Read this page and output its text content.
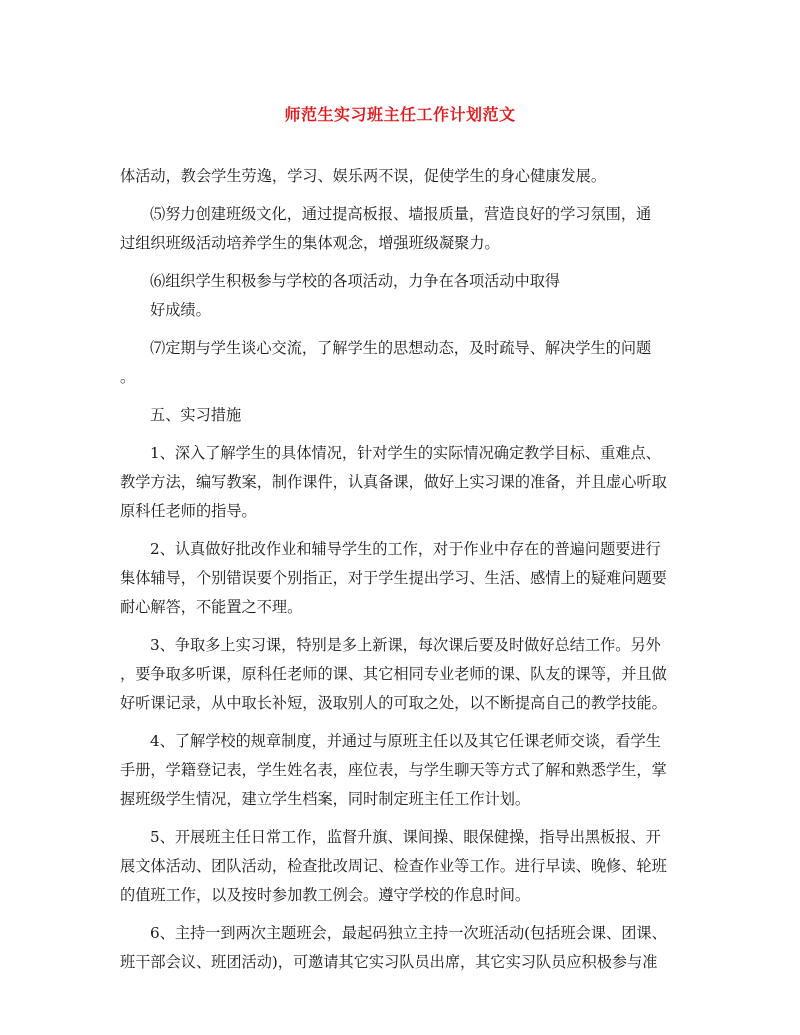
师范生实习班主任工作计划范文
体活动，教会学生劳逸，学习、娱乐两不误，促使学生的身心健康发展。
⑸努力创建班级文化，通过提高板报、墙报质量，营造良好的学习氛围，通
过组织班级活动培养学生的集体观念，增强班级凝聚力。
⑹组织学生积极参与学校的各项活动，力争在各项活动中取得
好成绩。
⑺定期与学生谈心交流，了解学生的思想动态，及时疏导、解决学生的问题
。
五、实习措施
1、深入了解学生的具体情况，针对学生的实际情况确定教学目标、重难点、
教学方法，编写教案，制作课件，认真备课，做好上实习课的准备，并且虚心听取
原科任老师的指导。
2、认真做好批改作业和辅导学生的工作，对于作业中存在的普遍问题要进行
集体辅导，个别错误要个别指正，对于学生提出学习、生活、感情上的疑难问题要
耐心解答，不能置之不理。
3、争取多上实习课，特别是多上新课，每次课后要及时做好总结工作。另外
，要争取多听课，原科任老师的课、其它相同专业老师的课、队友的课等，并且做
好听课记录，从中取长补短，汲取别人的可取之处，以不断提高自己的教学技能。
4、了解学校的规章制度，并通过与原班主任以及其它任课老师交谈，看学生
手册，学籍登记表，学生姓名表，座位表，与学生聊天等方式了解和熟悉学生，掌
握班级学生情况，建立学生档案，同时制定班主任工作计划。
5、开展班主任日常工作，监督升旗、课间操、眼保健操，指导出黑板报、开
展文体活动、团队活动，检查批改周记、检查作业等工作。进行早读、晚修、轮班
的值班工作，以及按时参加教工例会。遵守学校的作息时间。
6、主持一到两次主题班会，最起码独立主持一次班活动(包括班会课、团课、
班干部会议、班团活动)，可邀请其它实习队员出席，其它实习队员应积极参与准
